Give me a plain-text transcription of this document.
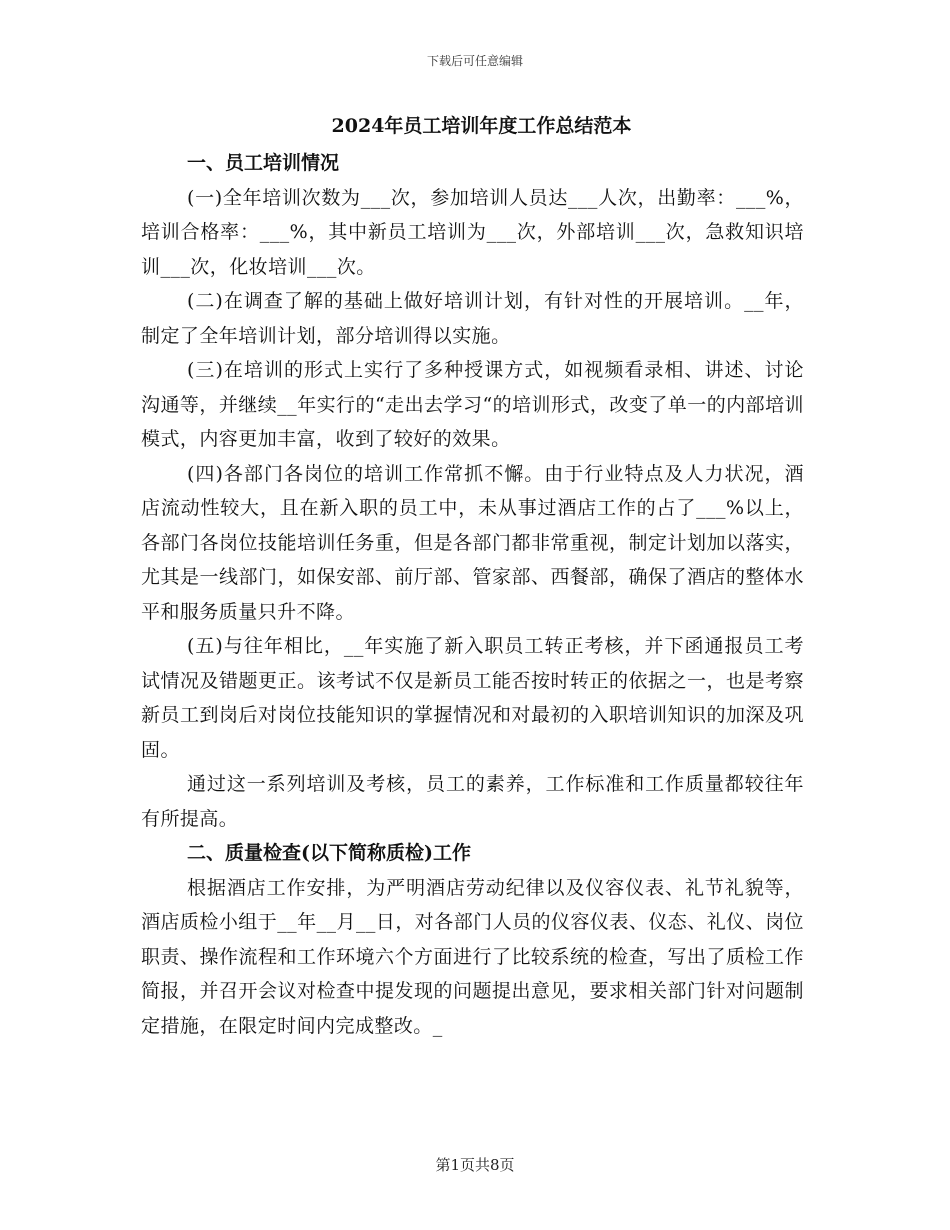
下载后可任意编辑
2024年员工培训年度工作总结范本
一、员工培训情况

(一)全年培训次数为___次，参加培训人员达___人次，出勤率：___%，培训合格率：___%，其中新员工培训为___次，外部培训___次，急救知识培训___次，化妆培训___次。

(二)在调查了解的基础上做好培训计划，有针对性的开展培训。__年，制定了全年培训计划，部分培训得以实施。

(三)在培训的形式上实行了多种授课方式，如视频看录相、讲述、讨论沟通等，并继续__年实行的“走出去学习“的培训形式，改变了单一的内部培训模式，内容更加丰富，收到了较好的效果。

(四)各部门各岗位的培训工作常抓不懈。由于行业特点及人力状况，酒店流动性较大，且在新入职的员工中，未从事过酒店工作的占了___%以上，各部门各岗位技能培训任务重，但是各部门都非常重视，制定计划加以落实，尤其是一线部门，如保安部、前厅部、管家部、西餐部，确保了酒店的整体水平和服务质量只升不降。

(五)与往年相比，__年实施了新入职员工转正考核，并下函通报员工考试情况及错题更正。该考试不仅是新员工能否按时转正的依据之一，也是考察新员工到岗后对岗位技能知识的掌握情况和对最初的入职培训知识的加深及巩固。

通过这一系列培训及考核，员工的素养，工作标准和工作质量都较往年有所提高。

二、质量检查(以下简称质检)工作

根据酒店工作安排，为严明酒店劳动纪律以及仪容仪表、礼节礼貌等，酒店质检小组于__年__月__日，对各部门人员的仪容仪表、仪态、礼仪、岗位职责、操作流程和工作环境六个方面进行了比较系统的检查，写出了质检工作简报，并召开会议对检查中提发现的问题提出意见，要求相关部门针对问题制定措施，在限定时间内完成整改。_

第1页共8页
